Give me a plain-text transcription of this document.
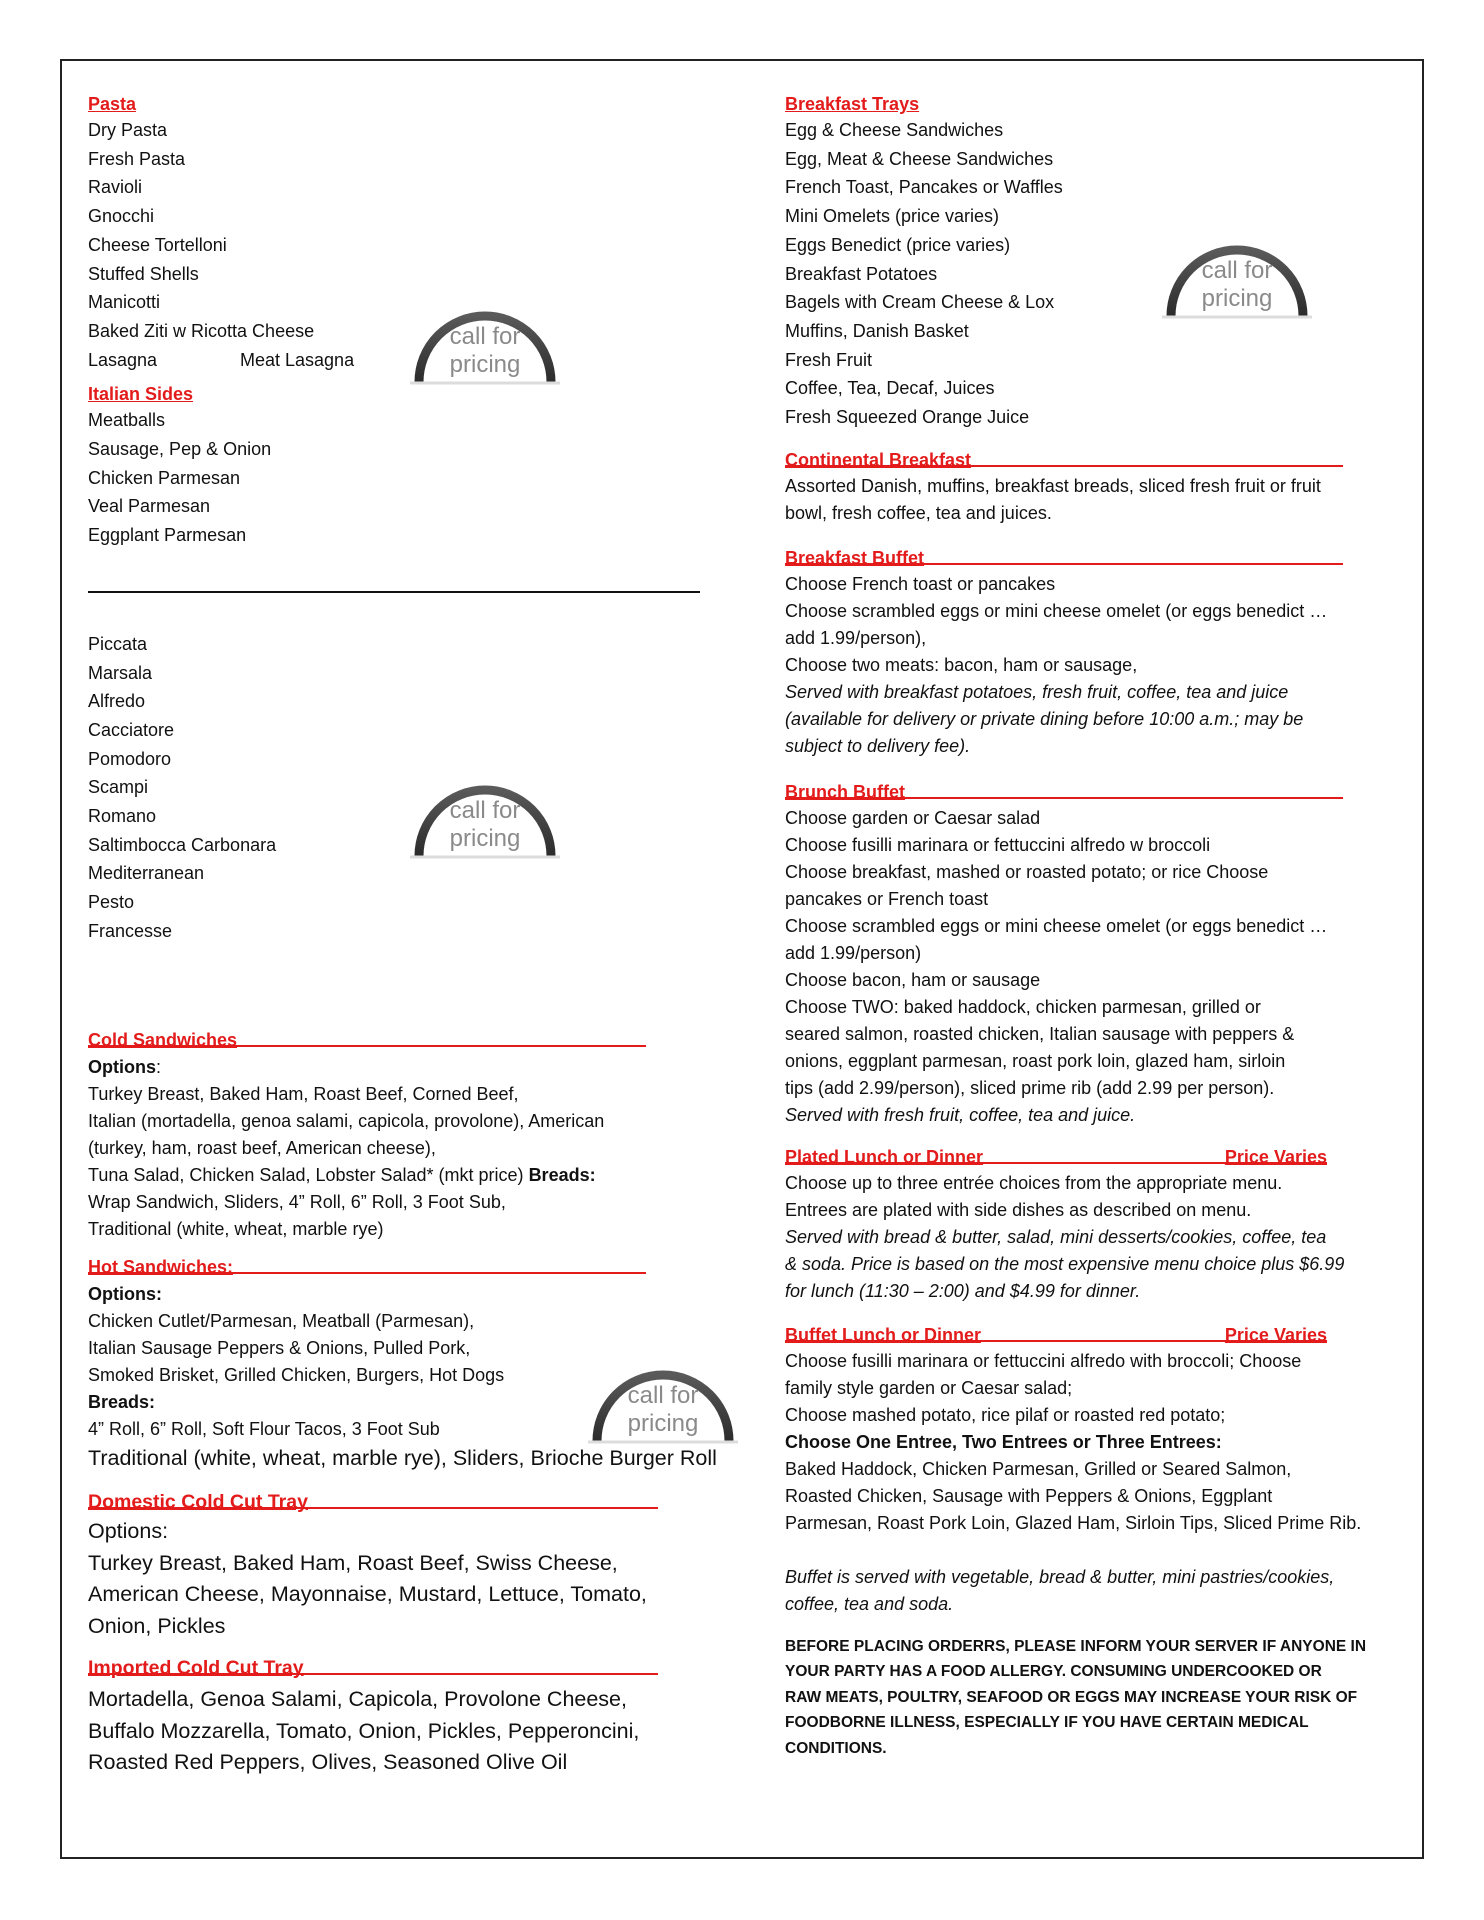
Pasta
Dry Pasta
Fresh Pasta
Ravioli
Gnocchi
Cheese Tortelloni
Stuffed Shells
Manicotti
Baked Ziti w Ricotta Cheese
Lasagna	Meat Lasagna
Italian Sides
Meatballs
Sausage, Pep & Onion
Chicken Parmesan
Veal Parmesan
Eggplant Parmesan
Piccata
Marsala
Alfredo
Cacciatore
Pomodoro
Scampi
Romano
Saltimbocca Carbonara
Mediterranean
Pesto
Francesse
Cold Sandwiches
Options:
Turkey Breast, Baked Ham, Roast Beef, Corned Beef,
Italian (mortadella, genoa salami, capicola, provolone), American
(turkey, ham, roast beef, American cheese),
Tuna Salad, Chicken Salad, Lobster Salad* (mkt price) Breads:
Wrap Sandwich, Sliders, 4” Roll, 6” Roll, 3 Foot Sub,
Traditional (white, wheat, marble rye)
Hot Sandwiches:
Options:
Chicken Cutlet/Parmesan, Meatball (Parmesan),
Italian Sausage Peppers & Onions, Pulled Pork,
Smoked Brisket, Grilled Chicken, Burgers, Hot Dogs
Breads:
4” Roll, 6” Roll, Soft Flour Tacos, 3 Foot Sub
Traditional (white, wheat, marble rye), Sliders, Brioche Burger Roll
Domestic Cold Cut Tray
Options:
Turkey Breast, Baked Ham, Roast Beef, Swiss Cheese,
American Cheese, Mayonnaise, Mustard, Lettuce, Tomato,
Onion, Pickles
Imported Cold Cut Tray
Mortadella, Genoa Salami, Capicola, Provolone Cheese,
Buffalo Mozzarella, Tomato, Onion, Pickles, Pepperoncini,
Roasted Red Peppers, Olives, Seasoned Olive Oil
Breakfast Trays
Egg & Cheese Sandwiches
Egg, Meat & Cheese Sandwiches
French Toast, Pancakes or Waffles
Mini Omelets (price varies)
Eggs Benedict (price varies)
Breakfast Potatoes
Bagels with Cream Cheese & Lox
Muffins, Danish Basket
Fresh Fruit
Coffee, Tea, Decaf, Juices
Fresh Squeezed Orange Juice
Continental Breakfast
Assorted Danish, muffins, breakfast breads, sliced fresh fruit or fruit
bowl, fresh coffee, tea and juices.
Breakfast Buffet
Choose French toast or pancakes
Choose scrambled eggs or mini cheese omelet (or eggs benedict …
add 1.99/person),
Choose two meats: bacon, ham or sausage,
Served with breakfast potatoes, fresh fruit, coffee, tea and juice
(available for delivery or private dining before 10:00 a.m.; may be
subject to delivery fee).
Brunch Buffet
Choose garden or Caesar salad
Choose fusilli marinara or fettuccini alfredo w broccoli
Choose breakfast, mashed or roasted potato; or rice Choose
pancakes or French toast
Choose scrambled eggs or mini cheese omelet (or eggs benedict …
add 1.99/person)
Choose bacon, ham or sausage
Choose TWO: baked haddock, chicken parmesan, grilled or
seared salmon, roasted chicken, Italian sausage with peppers &
onions, eggplant parmesan, roast pork loin, glazed ham, sirloin
tips (add 2.99/person), sliced prime rib (add 2.99 per person).
Served with fresh fruit, coffee, tea and juice.
Plated Lunch or Dinner	Price Varies
Choose up to three entrée choices from the appropriate menu.
Entrees are plated with side dishes as described on menu.
Served with bread & butter, salad, mini desserts/cookies, coffee, tea
& soda. Price is based on the most expensive menu choice plus $6.99
for lunch (11:30 – 2:00) and $4.99 for dinner.
Buffet Lunch or Dinner	Price Varies
Choose fusilli marinara or fettuccini alfredo with broccoli; Choose
family style garden or Caesar salad;
Choose mashed potato, rice pilaf or roasted red potato;
Choose One Entree, Two Entrees or Three Entrees:
Baked Haddock, Chicken Parmesan, Grilled or Seared Salmon,
Roasted Chicken, Sausage with Peppers & Onions, Eggplant
Parmesan, Roast Pork Loin, Glazed Ham, Sirloin Tips, Sliced Prime Rib.
Buffet is served with vegetable, bread & butter, mini pastries/cookies,
coffee, tea and soda.
BEFORE PLACING ORDERRS, PLEASE INFORM YOUR SERVER IF ANYONE IN
YOUR PARTY HAS A FOOD ALLERGY. CONSUMING UNDERCOOKED OR
RAW MEATS, POULTRY, SEAFOOD OR EGGS MAY INCREASE YOUR RISK OF
FOODBORNE ILLNESS, ESPECIALLY IF YOU HAVE CERTAIN MEDICAL
CONDITIONS.
call for
pricing
call for
pricing
call for
pricing
call for
pricing
